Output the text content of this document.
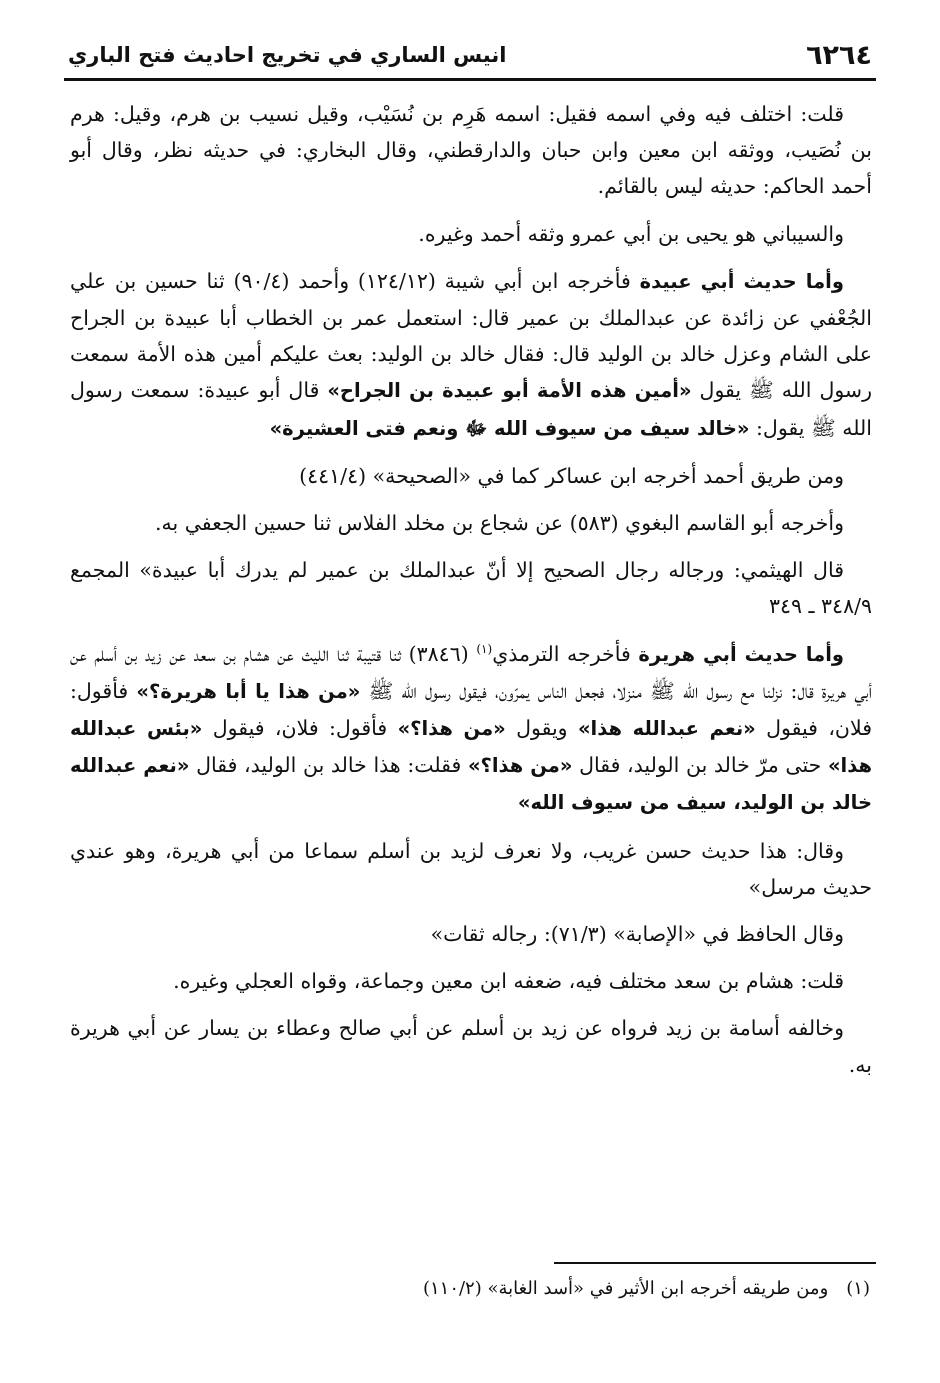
٦٢٦٤
انيس الساري في تخريج احاديث فتح الباري

قلت: اختلف فيه وفي اسمه فقيل: اسمه هَرِم بن نُسَيْب، وقيل نسيب بن هرم، وقيل: هرم بن نُصَيب، ووثقه ابن معين وابن حبان والدارقطني، وقال البخاري: في حديثه نظر، وقال أبو أحمد الحاكم: حديثه ليس بالقائم.

والسيباني هو يحيى بن أبي عمرو وثقه أحمد وغيره.

وأما حديث أبي عبيدة فأخرجه ابن أبي شيبة (١٢٤/١٢) وأحمد (٩٠/٤) ثنا حسين بن علي الجُعْفي عن زائدة عن عبدالملك بن عمير قال: استعمل عمر بن الخطاب أبا عبيدة بن الجراح على الشام وعزل خالد بن الوليد قال: فقال خالد بن الوليد: بعث عليكم أمين هذه الأمة سمعت رسول الله ﷺ يقول «أمين هذه الأمة أبو عبيدة بن الجراح» قال أبو عبيدة: سمعت رسول الله ﷺ يقول: «خالد سيف من سيوف الله ﷻ ونعم فتى العشيرة»

ومن طريق أحمد أخرجه ابن عساكر كما في «الصحيحة» (٤٤١/٤)

وأخرجه أبو القاسم البغوي (٥٨٣) عن شجاع بن مخلد الفلاس ثنا حسين الجعفي به.

قال الهيثمي: ورجاله رجال الصحيح إلا أنّ عبدالملك بن عمير لم يدرك أبا عبيدة» المجمع ٣٤٨/٩ ـ ٣٤٩

وأما حديث أبي هريرة فأخرجه الترمذي$^{(١)}$ (٣٨٤٦) ثنا قتيبة ثنا الليث عن هشام بن سعد عن زيد بن أسلم عن أبي هريرة قال: نزلنا مع رسول الله ﷺ منزلا، فجعل الناس يمرّون، فيقول رسول الله ﷺ «من هذا يا أبا هريرة؟» فأقول: فلان، فيقول «نعم عبدالله هذا» ويقول «من هذا؟» فأقول: فلان، فيقول «بئس عبدالله هذا» حتى مرّ خالد بن الوليد، فقال «من هذا؟» فقلت: هذا خالد بن الوليد، فقال «نعم عبدالله خالد بن الوليد، سيف من سيوف الله»

وقال: هذا حديث حسن غريب، ولا نعرف لزيد بن أسلم سماعا من أبي هريرة، وهو عندي حديث مرسل»

وقال الحافظ في «الإصابة» (٧١/٣): رجاله ثقات»

قلت: هشام بن سعد مختلف فيه، ضعفه ابن معين وجماعة، وقواه العجلي وغيره.

وخالفه أسامة بن زيد فرواه عن زيد بن أسلم عن أبي صالح وعطاء بن يسار عن أبي هريرة به.

(١)ومن طريقه أخرجه ابن الأثير في «أسد الغابة» (١١٠/٢)
